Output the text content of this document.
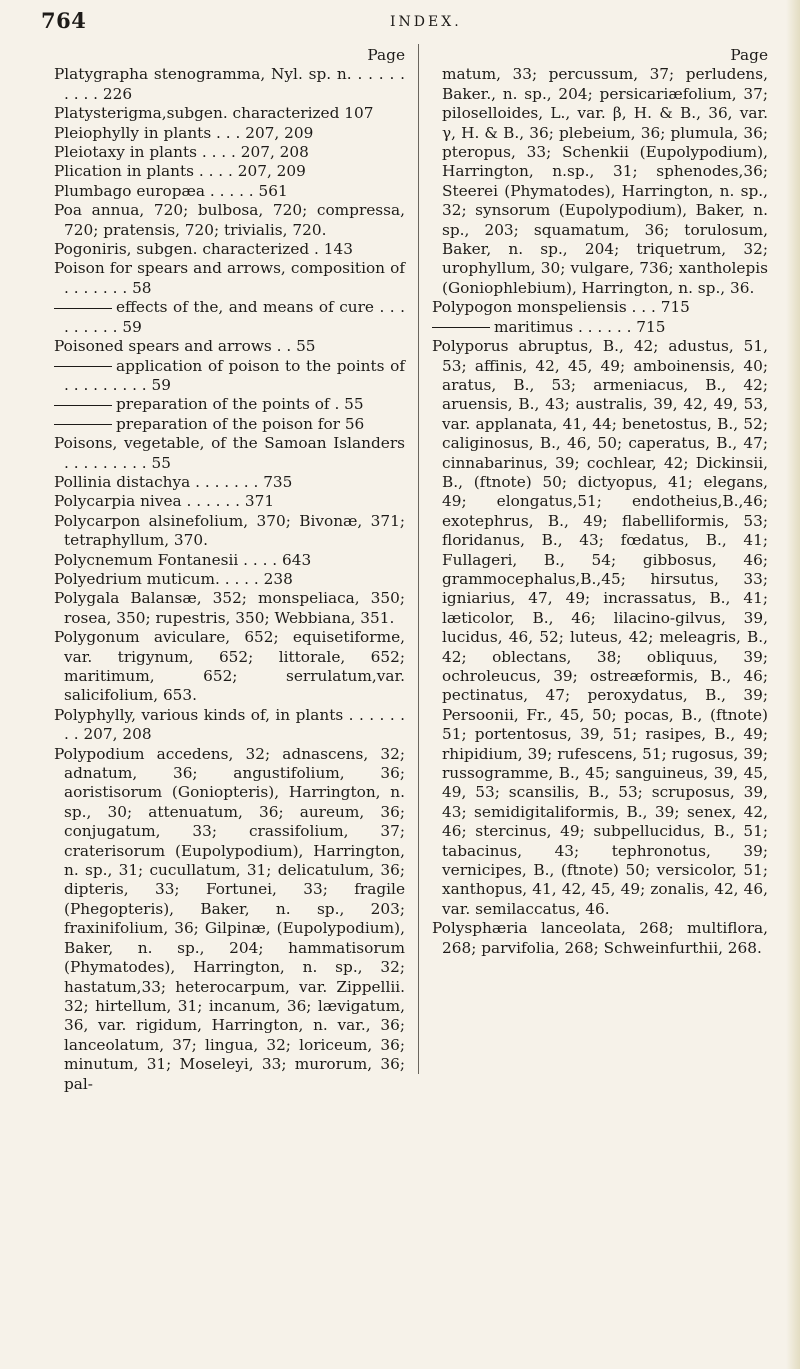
764	INDEX.
Page
Platygrapha stenogramma, Nyl. sp. n. . . . . . . . . . 226
Platysterigma,subgen. characterized 107
Pleiophylly in plants . . . 207, 209
Pleiotaxy in plants . . . . 207, 208
Plication in plants . . . . 207, 209
Plumbago europæa . . . . . 561
Poa annua, 720; bulbosa, 720; compressa, 720; pratensis, 720; trivialis, 720.
Pogoniris, subgen. characterized . 143
Poison for spears and arrows, composition of . . . . . . . 58
effects of the, and means of cure . . . . . . . . . 59
Poisoned spears and arrows . . 55
application of poison to the points of . . . . . . . . . 59
preparation of the points of . 55
preparation of the poison for 56
Poisons, vegetable, of the Samoan Islanders . . . . . . . . . 55
Pollinia distachya . . . . . . . 735
Polycarpia nivea . . . . . . 371
Polycarpon alsinefolium, 370; Bivonæ, 371; tetraphyllum, 370.
Polycnemum Fontanesii . . . . 643
Polyedrium muticum. . . . . 238
Polygala Balansæ, 352; monspeliaca, 350; rosea, 350; rupestris, 350; Webbiana, 351.
Polygonum aviculare, 652; equisetiforme, var. trigynum, 652; littorale, 652; maritimum, 652; serrulatum,var. salicifolium, 653.
Polyphylly, various kinds of, in plants . . . . . . . . 207, 208
Polypodium accedens, 32; adnascens, 32; adnatum, 36; angustifolium, 36; aoristisorum (Goniopteris), Harrington, n. sp., 30; attenuatum, 36; aureum, 36; conjugatum, 33; crassifolium, 37; craterisorum (Eupolypodium), Harrington, n. sp., 31; cucullatum, 31; delicatulum, 36; dipteris, 33; Fortunei, 33; fragile (Phegopteris), Baker, n. sp., 203; fraxinifolium, 36; Gilpinæ, (Eupolypodium), Baker, n. sp., 204; hammatisorum (Phymatodes), Harrington, n. sp., 32; hastatum,33; heterocarpum, var. Zippellii. 32; hirtellum, 31; incanum, 36; lævigatum, 36, var. rigidum, Harrington, n. var., 36; lanceolatum, 37; lingua, 32; loriceum, 36; minutum, 31; Moseleyi, 33; murorum, 36; pal-
Page
matum, 33; percussum, 37; perludens, Baker., n. sp., 204; persicariæfolium, 37; piloselloides, L., var. β, H. & B., 36, var. γ, H. & B., 36; plebeium, 36; plumula, 36; pteropus, 33; Schenkii (Eupolypodium), Harrington, n.sp., 31; sphenodes,36; Steerei (Phymatodes), Harrington, n. sp., 32; synsorum (Eupolypodium), Baker, n. sp., 203; squamatum, 36; torulosum, Baker, n. sp., 204; triquetrum, 32; urophyllum, 30; vulgare, 736; xantholepis (Goniophlebium), Harrington, n. sp., 36.
Polypogon monspeliensis . . . 715
maritimus . . . . . . 715
Polyporus abruptus, B., 42; adustus, 51, 53; affinis, 42, 45, 49; amboinensis, 40; aratus, B., 53; armeniacus, B., 42; aruensis, B., 43; australis, 39, 42, 49, 53, var. applanata, 41, 44; benetostus, B., 52; caliginosus, B., 46, 50; caperatus, B., 47; cinnabarinus, 39; cochlear, 42; Dickinsii, B., (ftnote) 50; dictyopus, 41; elegans, 49; elongatus,51; endotheius,B.,46; exotephrus, B., 49; flabelliformis, 53; floridanus, B., 43; fœdatus, B., 41; Fullageri, B., 54; gibbosus, 46; grammocephalus,B.,45; hirsutus, 33; igniarius, 47, 49; incrassatus, B., 41; læticolor, B., 46; lilacino-gilvus, 39, lucidus, 46, 52; luteus, 42; meleagris, B., 42; oblectans, 38; obliquus, 39; ochroleucus, 39; ostreæformis, B., 46; pectinatus, 47; peroxydatus, B., 39; Persoonii, Fr., 45, 50; pocas, B., (ftnote) 51; portentosus, 39, 51; rasipes, B., 49; rhipidium, 39; rufescens, 51; rugosus, 39; russogramme, B., 45; sanguineus, 39, 45, 49, 53; scansilis, B., 53; scruposus, 39, 43; semidigitaliformis, B., 39; senex, 42, 46; stercinus, 49; subpellucidus, B., 51; tabacinus, 43; tephronotus, 39; vernicipes, B., (ftnote) 50; versicolor, 51; xanthopus, 41, 42, 45, 49; zonalis, 42, 46, var. semilaccatus, 46.
Polysphæria lanceolata, 268; multiflora, 268; parvifolia, 268; Schweinfurthii, 268.
